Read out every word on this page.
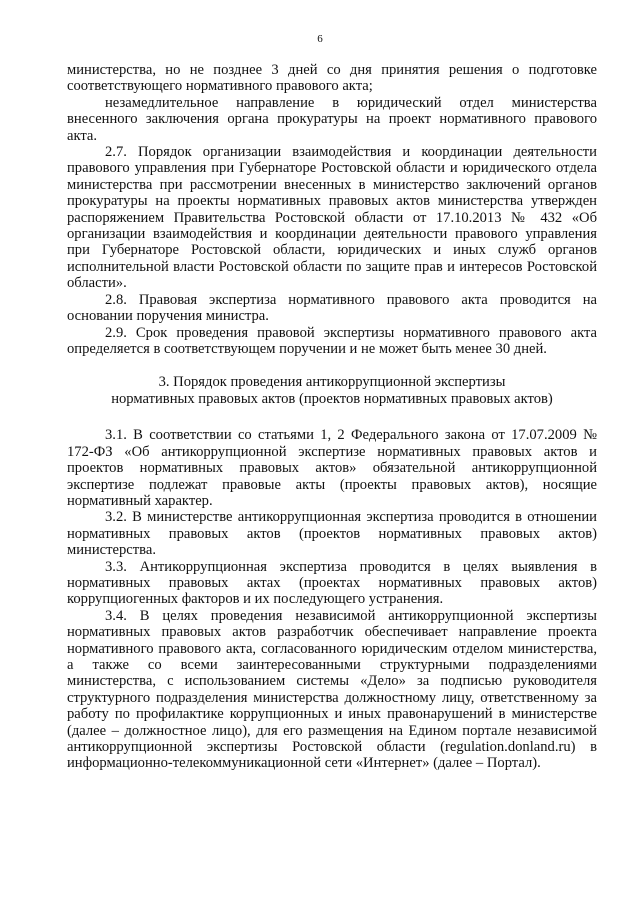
6

министерства, но не позднее 3 дней со дня принятия решения о подготовке соответствующего нормативного правового акта;

незамедлительное направление в юридический отдел министерства внесенного заключения органа прокуратуры на проект нормативного правового акта.

2.7. Порядок организации взаимодействия и координации деятельности правового управления при Губернаторе Ростовской области и юридического отдела министерства при рассмотрении внесенных в министерство заключений органов прокуратуры на проекты нормативных правовых актов министерства утвержден распоряжением Правительства Ростовской области от 17.10.2013 № 432 «Об организации взаимодействия и координации деятельности правового управления при Губернаторе Ростовской области, юридических и иных служб органов исполнительной власти Ростовской области по защите прав и интересов Ростовской области».

2.8. Правовая экспертиза нормативного правового акта проводится на основании поручения министра.

2.9. Срок проведения правовой экспертизы нормативного правового акта определяется в соответствующем поручении и не может быть менее 30 дней.

3. Порядок проведения антикоррупционной экспертизы
нормативных правовых актов (проектов нормативных правовых актов)

3.1. В соответствии со статьями 1, 2 Федерального закона от 17.07.2009 № 172-ФЗ «Об антикоррупционной экспертизе нормативных правовых актов и проектов нормативных правовых актов» обязательной антикоррупционной экспертизе подлежат правовые акты (проекты правовых актов), носящие нормативный характер.

3.2. В министерстве антикоррупционная экспертиза проводится в отношении нормативных правовых актов (проектов нормативных правовых актов) министерства.

3.3. Антикоррупционная экспертиза проводится в целях выявления в нормативных правовых актах (проектах нормативных правовых актов) коррупциогенных факторов и их последующего устранения.

3.4. В целях проведения независимой антикоррупционной экспертизы нормативных правовых актов разработчик обеспечивает направление проекта нормативного правового акта, согласованного юридическим отделом министерства, а также со всеми заинтересованными структурными подразделениями министерства, с использованием системы «Дело» за подписью руководителя структурного подразделения министерства должностному лицу, ответственному за работу по профилактике коррупционных и иных правонарушений в министерстве (далее – должностное лицо), для его размещения на Едином портале независимой антикоррупционной экспертизы Ростовской области (regulation.donland.ru) в информационно-телекоммуникационной сети «Интернет» (далее – Портал).
